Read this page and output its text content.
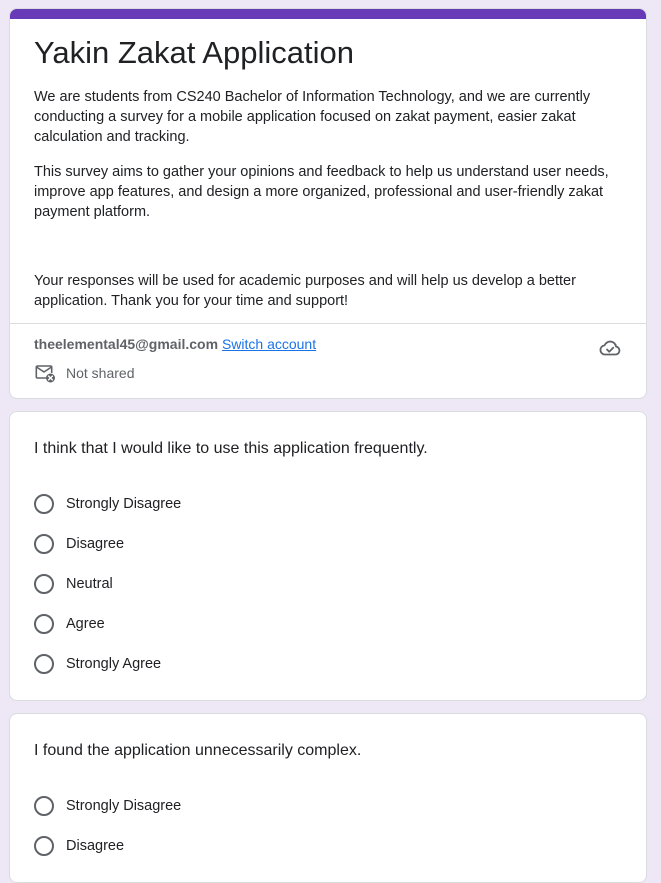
Yakin Zakat Application

We are students from CS240 Bachelor of Information Technology, and we are currently conducting a survey for a mobile application focused on zakat payment, easier zakat calculation and tracking.

This survey aims to gather your opinions and feedback to help us understand user needs, improve app features, and design a more organized, professional and user-friendly zakat payment platform.

Your responses will be used for academic purposes and will help us develop a better application. Thank you for your time and support!

theelemental45@gmail.com Switch account
Not shared
I think that I would like to use this application frequently.
Strongly Disagree
Disagree
Neutral
Agree
Strongly Agree
I found the application unnecessarily complex.
Strongly Disagree
Disagree
